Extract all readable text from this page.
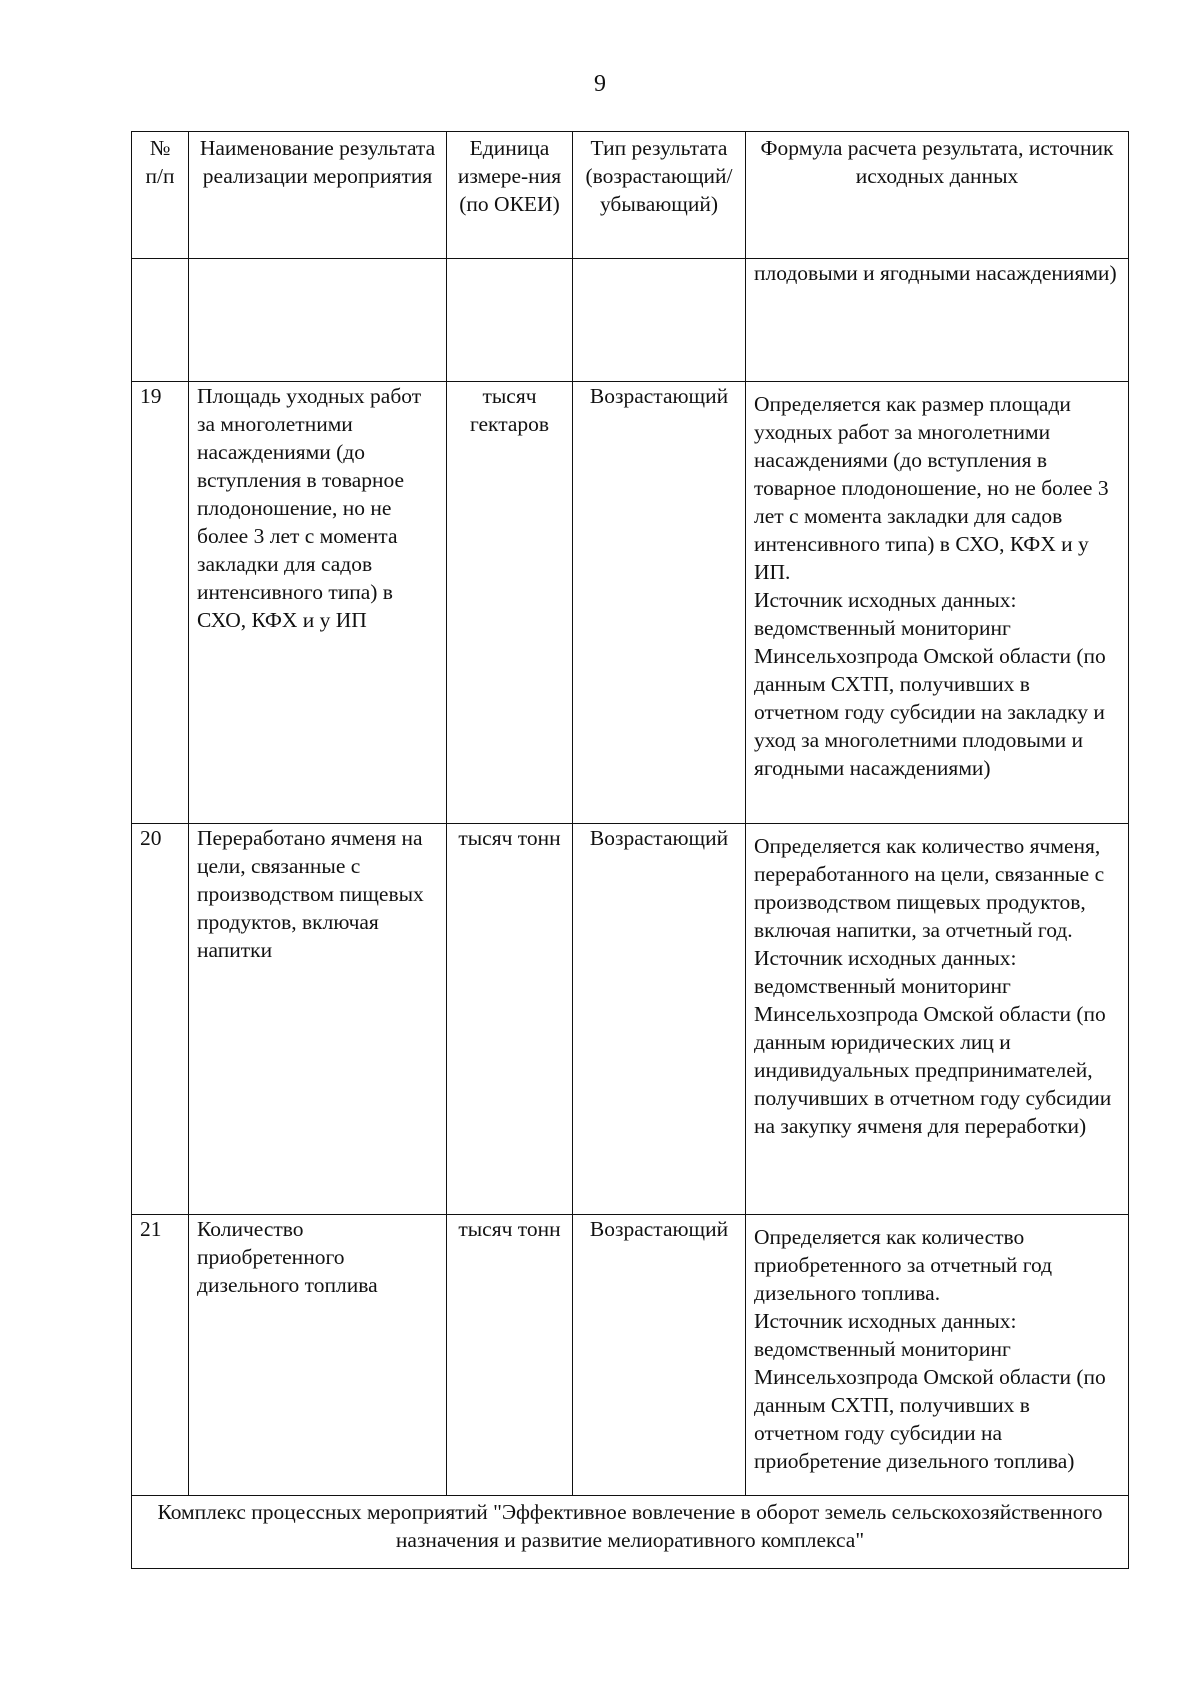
9
№ п/п	Наименование результата реализации мероприятия	Единица измере-ния (по ОКЕИ)	Тип результата (возрастающий/ убывающий)	Формула расчета результата, источник исходных данных

				плодовыми и ягодными насаждениями)

19	Площадь уходных работ за многолетними насаждениями (до вступления в товарное плодоношение, но не более 3 лет с момента закладки для садов интенсивного типа) в СХО, КФХ и у ИП	тысяч гектаров	Возрастающий	Определяется как размер площади уходных работ за многолетними насаждениями (до вступления в товарное плодоношение, но не более 3 лет с момента закладки для садов интенсивного типа) в СХО, КФХ и у ИП.
Источник исходных данных: ведомственный мониторинг Минсельхозпрода Омской области (по данным СХТП, получивших в отчетном году субсидии на закладку и уход за многолетними плодовыми и ягодными насаждениями)

20	Переработано ячменя на цели, связанные с производством пищевых продуктов, включая напитки	тысяч тонн	Возрастающий	Определяется как количество ячменя, переработанного на цели, связанные с производством пищевых продуктов, включая напитки, за отчетный год.
Источник исходных данных: ведомственный мониторинг Минсельхозпрода Омской области (по данным юридических лиц и индивидуальных предпринимателей, получивших в отчетном году субсидии на закупку ячменя для переработки)

21	Количество приобретенного дизельного топлива	тысяч тонн	Возрастающий	Определяется как количество приобретенного за отчетный год дизельного топлива.
Источник исходных данных: ведомственный мониторинг Минсельхозпрода Омской области (по данным СХТП, получивших в отчетном году субсидии на приобретение дизельного топлива)

Комплекс процессных мероприятий "Эффективное вовлечение в оборот земель сельскохозяйственного назначения и развитие мелиоративного комплекса"				
